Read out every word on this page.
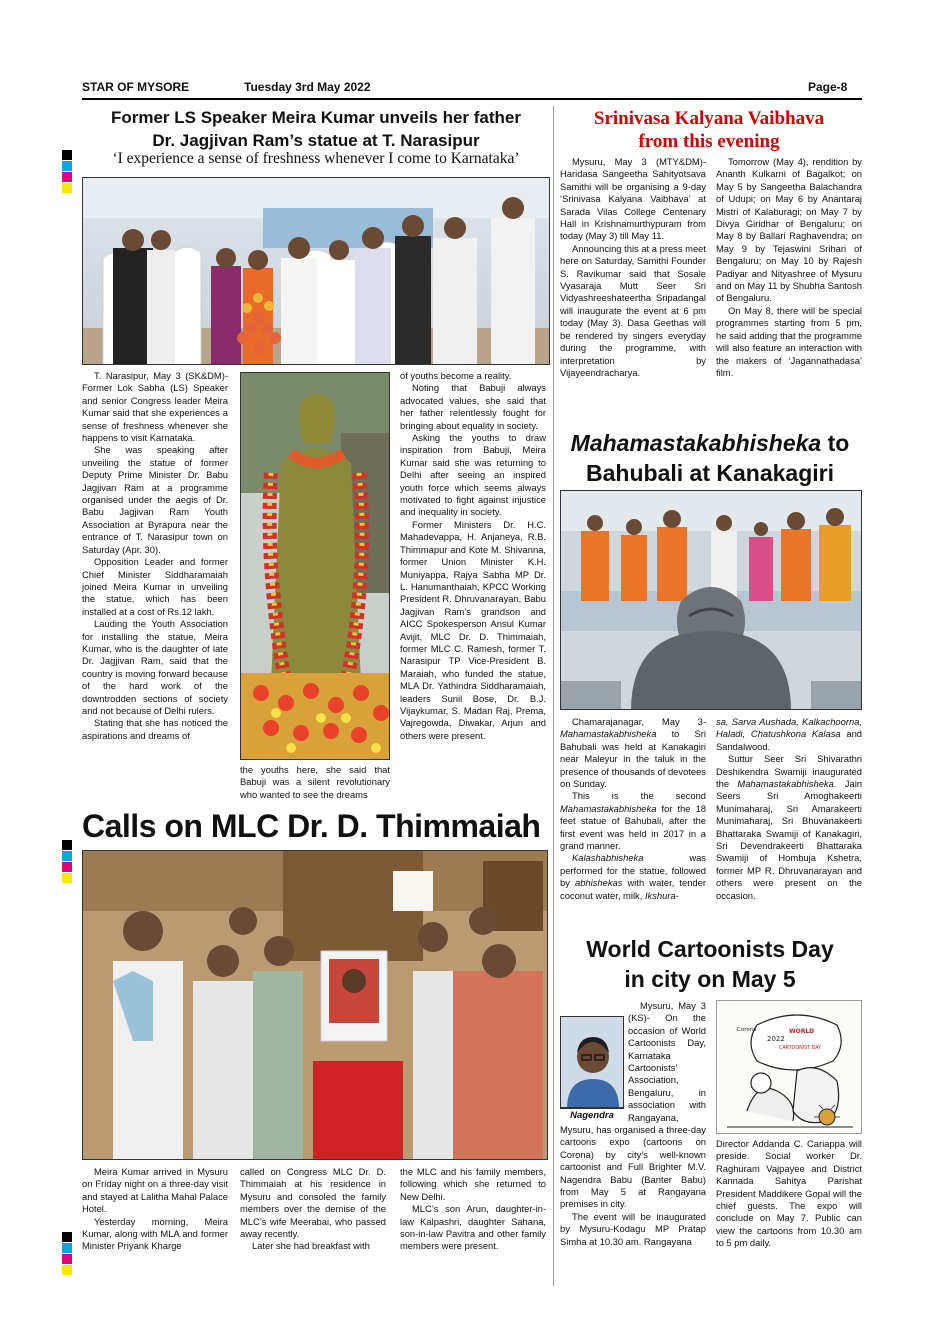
STAR OF MYSORE	Tuesday 3rd May 2022	Page-8
Former LS Speaker Meira Kumar unveils her father
Dr. Jagjivan Ram’s statue at T. Narasipur
‘I experience a sense of freshness whenever I come to Karnataka’

T. Narasipur, May 3 (SK&DM)- Former Lok Sabha (LS) Speaker and senior Congress leader Meira Kumar said that she experiences a sense of freshness whenever she happens to visit Karnataka.

She was speaking after unveiling the statue of former Deputy Prime Minister Dr. Babu Jagjivan Ram at a programme organised under the aegis of Dr. Babu Jagjivan Ram Youth Association at Byrapura near the entrance of T. Narasipur town on Saturday (Apr. 30).

Opposition Leader and former Chief Minister Siddharamaiah joined Meira Kumar in unveiling the statue, which has been installed at a cost of Rs.12 lakh.

Lauding the Youth Association for installing the statue, Meira Kumar, who is the daughter of late Dr. Jagjivan Ram, said that the country is moving forward because of the hard work of the downtrodden sections of society and not because of Delhi rulers.

Stating that she has noticed the aspirations and dreams of

the youths here, she said that Babuji was a silent revolutionary who wanted to see the dreams

of youths become a reality.

Noting that Babuji always advocated values, she said that her father relentlessly fought for bringing about equality in society.

Asking the youths to draw inspiration from Babuji, Meira Kumar said she was returning to Delhi after seeing an inspired youth force which seems always motivated to fight against injustice and inequality in society.

Former Ministers Dr. H.C. Mahadevappa, H. Anjaneya, R.B. Thimmapur and Kote M. Shivanna, former Union Minister K.H. Muniyappa, Rajya Sabha MP Dr. L. Hanumanthaiah, KPCC Working President R. Dhruvanarayan, Babu Jagjivan Ram’s grandson and AICC Spokesperson Ansul Kumar Avijit, MLC Dr. D. Thimmaiah, former MLC C. Ramesh, former T. Narasipur TP Vice-President B. Maraiah, who funded the statue, MLA Dr. Yathindra Siddharamaiah, leaders Sunil Bose, Dr. B.J. Vijaykumar, S. Madan Raj, Prema, Vajregowda, Diwakar, Arjun and others were present.

Srinivasa Kalyana Vaibhava
from this evening

Mysuru, May 3 (MTY&DM)- Haridasa Sangeetha Sahityotsava Samithi will be organising a 9-day ‘Srinivasa Kalyana Vaibhava’ at Sarada Vilas College Centenary Hall in Krishnamurthypuram from today (May 3) till May 11.

Announcing this at a press meet here on Saturday, Samithi Founder S. Ravikumar said that Sosale Vyasaraja Mutt Seer Sri Vidyashreeshateertha Sripadangal will inaugurate the event at 6 pm today (May 3). Dasa Geethas will be rendered by singers everyday during the programme, with interpretation by Vijayeendracharya.

Tomorrow (May 4), rendition by Ananth Kulkarni of Bagalkot; on May 5 by Sangeetha Balachandra of Udupi; on May 6 by Anantaraj Mistri of Kalaburagi; on May 7 by Divya Giridhar of Bengaluru; on May 8 by Ballari Raghavendra; on May 9 by Tejaswini Srihari of Bengaluru; on May 10 by Rajesh Padiyar and Nityashree of Mysuru and on May 11 by Shubha Santosh of Bengaluru.

On May 8, there will be special programmes starting from 5 pm, he said adding that the programme will also feature an interaction with the makers of ‘Jagannathadasa’ film.

Mahamastakabhisheka to
Bahubali at Kanakagiri

Chamarajanagar, May 3- Mahamastakabhisheka to Sri Bahubali was held at Kanakagiri near Maleyur in the taluk in the presence of thousands of devotees on Sunday.

This is the second Mahamastakabhisheka for the 18 feet statue of Bahubali, after the first event was held in 2017 in a grand manner.

Kalashabhisheka was performed for the statue, followed by abhishekas with water, tender coconut water, milk, Ikshura-

sa, Sarva Aushada, Kalkachoorna, Haladi, Chatushkona Kalasa and Sandalwood.

Suttur Seer Sri Shivarathri Deshikendra Swamiji inaugurated the Mahamastakabhisheka. Jain Seers Sri Amoghakeerti Munimaharaj, Sri Amarakeerti Munimaharaj, Sri Bhuvanakeerti Bhattaraka Swamiji of Kanakagiri, Sri Devendrakeerti Bhattaraka Swamiji of Hombuja Kshetra, former MP R. Dhruvanarayan and others were present on the occasion.

Calls on MLC Dr. D. Thimmaiah

Meira Kumar arrived in Mysuru on Friday night on a three-day visit and stayed at Lalitha Mahal Palace Hotel.

Yesterday morning, Meira Kumar, along with MLA and former Minister Priyank Kharge

called on Congress MLC Dr. D. Thimmaiah at his residence in Mysuru and consoled the family members over the demise of the MLC’s wife Meerabai, who passed away recently.

Later she had breakfast with

the MLC and his family members, following which she returned to New Delhi.

MLC’s son Arun, daughter-in-law Kalpashri, daughter Sahana, son-in-law Pavitra and other family members were present.

World Cartoonists Day
in city on May 5
Nagendra

Mysuru, May 3 (KS)- On the occasion of World Cartoonists Day, Karnataka Cartoonists’ Association, Bengaluru, in association with Rangayana,

Mysuru, has organised a three-day cartoons expo (cartoons on Corona) by city’s well-known cartoonist and Full Brighter M.V. Nagendra Babu (Banter Babu) from May 5 at Rangayana premises in city.

The event will be inaugurated by Mysuru-Kodagu MP Pratap Simha at 10.30 am. Rangayana

2022
WORLD
CARTOONIST DAY
Corona

Director Addanda C. Cariappa will preside. Social worker Dr. Raghuram Vajpayee and District Kannada Sahitya Parishat President Maddikere Gopal will the chief guests. The expo will conclude on May 7. Public can view the cartoons from 10.30 am to 5 pm daily.
